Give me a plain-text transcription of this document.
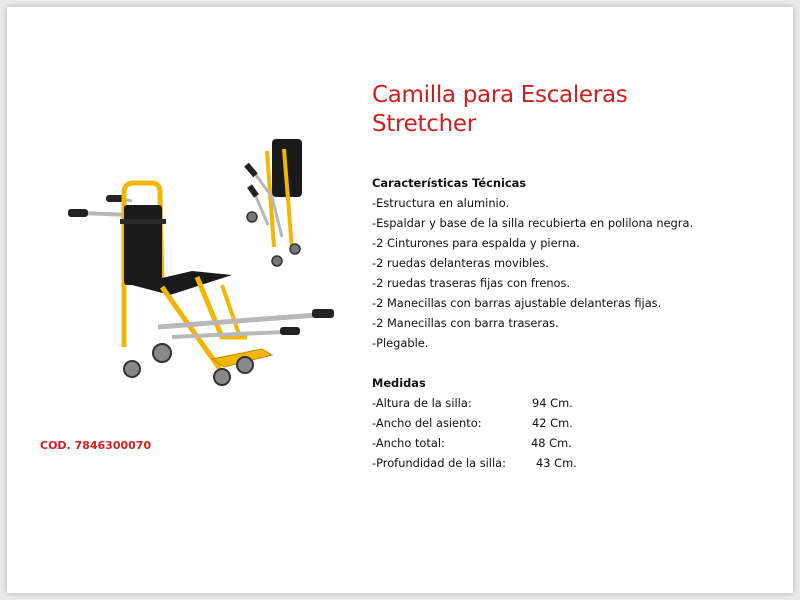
Camilla para Escaleras
Stretcher

Características Técnicas

-Estructura en aluminio.
-Espaldar y base de la silla recubierta en polilona negra.
-2 Cinturones para espalda y pierna.
-2 ruedas delanteras movibles.
-2 ruedas traseras fijas con frenos.
-2 Manecillas con barras ajustable delanteras fijas.
-2 Manecillas con barra traseras.
-Plegable.

Medidas

-Altura de la silla:	94 Cm.
-Ancho del asiento:	42 Cm.
-Ancho total:	48 Cm.
-Profundidad de la silla:	43 Cm.
COD. 7846300070
